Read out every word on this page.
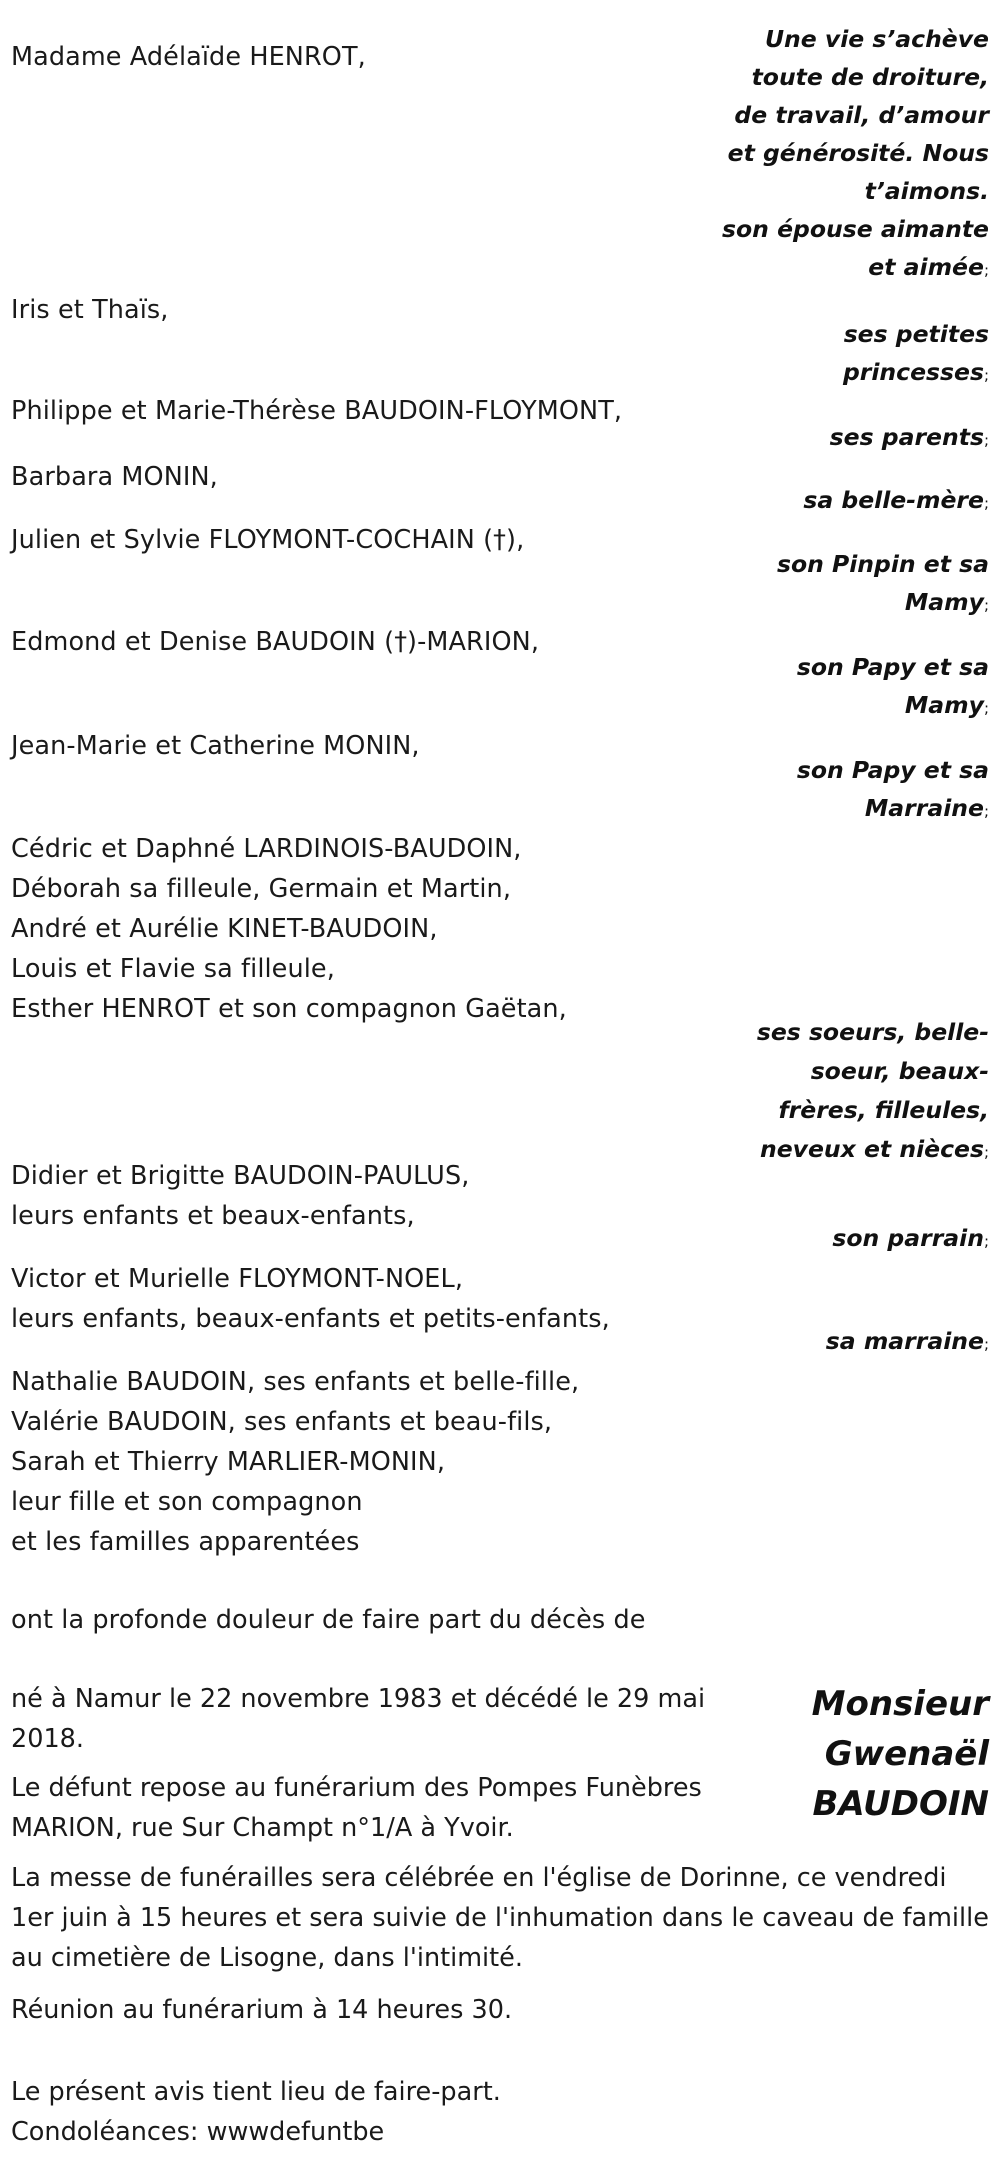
Madame Adélaïde HENROT,
Iris et Thaïs,
Philippe et Marie-Thérèse BAUDOIN-FLOYMONT,
Barbara MONIN,
Julien et Sylvie FLOYMONT-COCHAIN (†),
Edmond et Denise BAUDOIN (†)-MARION,
Jean-Marie et Catherine MONIN,
Cédric et Daphné LARDINOIS-BAUDOIN,
Déborah sa filleule, Germain et Martin,
André et Aurélie KINET-BAUDOIN,
Louis et Flavie sa filleule,
Esther HENROT et son compagnon Gaëtan,
Didier et Brigitte BAUDOIN-PAULUS,
leurs enfants et beaux-enfants,
Victor et Murielle FLOYMONT-NOEL,
leurs enfants, beaux-enfants et petits-enfants,
Nathalie BAUDOIN, ses enfants et belle-fille,
Valérie BAUDOIN, ses enfants et beau-fils,
Sarah et Thierry MARLIER-MONIN,
leur fille et son compagnon
et les familles apparentées
Une vie s’achève toute de droiture, de travail, d’amour et générosité. Nous t’aimons.
son épouse aimante et aimée;
ses petites princesses;
ses parents;
sa belle-mère;
son Pinpin et sa Mamy;
son Papy et sa Mamy;
son Papy et sa Marraine;
ses soeurs, belle-soeur, beaux-frères, filleules, neveux et nièces;
son parrain;
sa marraine;
ont la profonde douleur de faire part du décès de
Monsieur
Gwenaël
BAUDOIN
né à Namur le 22 novembre 1983 et décédé le 29 mai 2018.
Le défunt repose au funérarium des Pompes Funèbres MARION, rue Sur Champt n°1/A à Yvoir.
La messe de funérailles sera célébrée en l'église de Dorinne, ce vendredi 1er juin à 15 heures et sera suivie de l'inhumation dans le caveau de famille au cimetière de Lisogne, dans l'intimité.
Réunion au funérarium à 14 heures 30.
Le présent avis tient lieu de faire-part.
Condoléances: wwwdefuntbe
